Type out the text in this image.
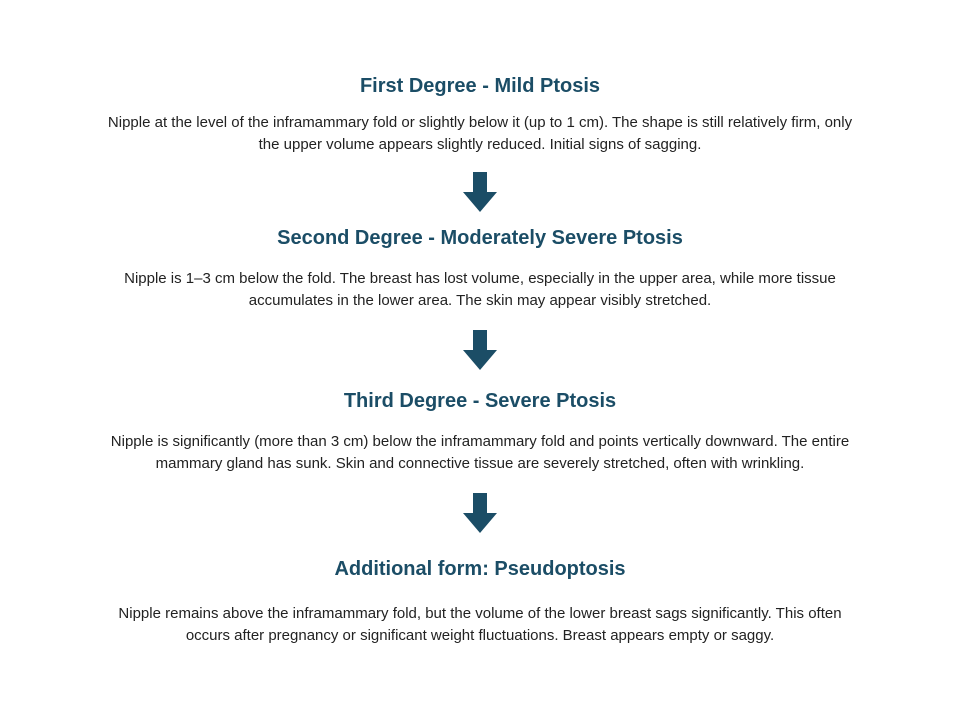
First Degree - Mild Ptosis

Nipple at the level of the inframammary fold or slightly below it (up to 1 cm). The shape is still relatively firm, only the upper volume appears slightly reduced. Initial signs of sagging.

Second Degree - Moderately Severe Ptosis

Nipple is 1–3 cm below the fold. The breast has lost volume, especially in the upper area, while more tissue accumulates in the lower area. The skin may appear visibly stretched.

Third Degree - Severe Ptosis

Nipple is significantly (more than 3 cm) below the inframammary fold and points vertically downward. The entire mammary gland has sunk. Skin and connective tissue are severely stretched, often with wrinkling.

Additional form: Pseudoptosis

Nipple remains above the inframammary fold, but the volume of the lower breast sags significantly. This often occurs after pregnancy or significant weight fluctuations. Breast appears empty or saggy.
